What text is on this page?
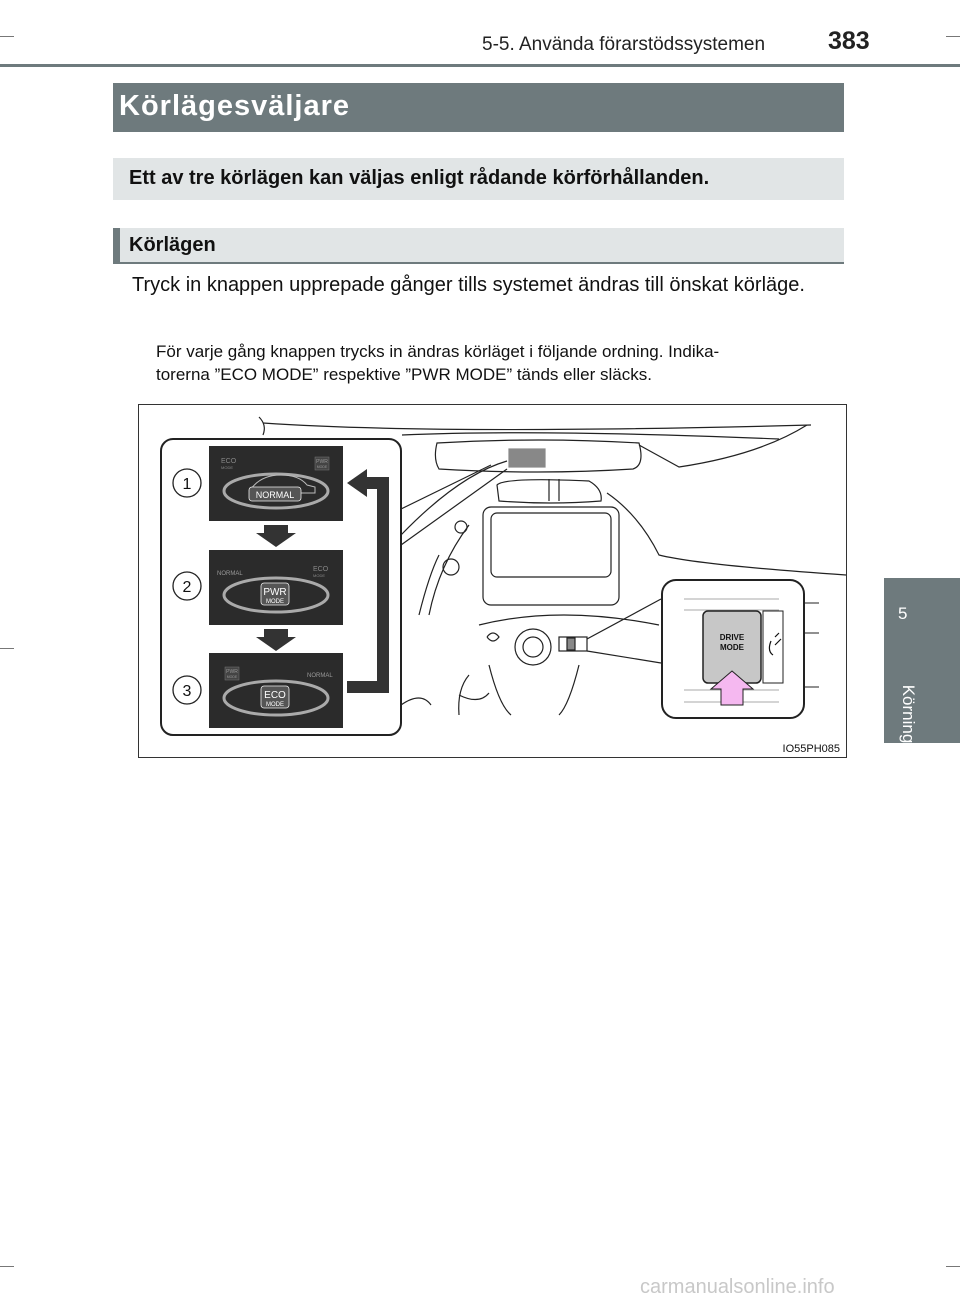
5-5. Använda förarstödssystemen	383
5
Körning
Körlägesväljare
Ett av tre körlägen kan väljas enligt rådande körförhållanden.
Körlägen
Tryck in knappen upprepade gånger tills systemet ändras till önskat körläge.
För varje gång knappen trycks in ändras körläget i följande ordning. Indika-
torerna ”ECO MODE” respektive ”PWR MODE” tänds eller släcks.
1
2
3
NORMAL
ECO
MODE
PWR
MODE
PWR
MODE
NORMAL
ECO
MODE
ECO
MODE
PWR
MODE	NORMAL
DRIVE
MODE
IO55PH085
carmanualsonline.info
